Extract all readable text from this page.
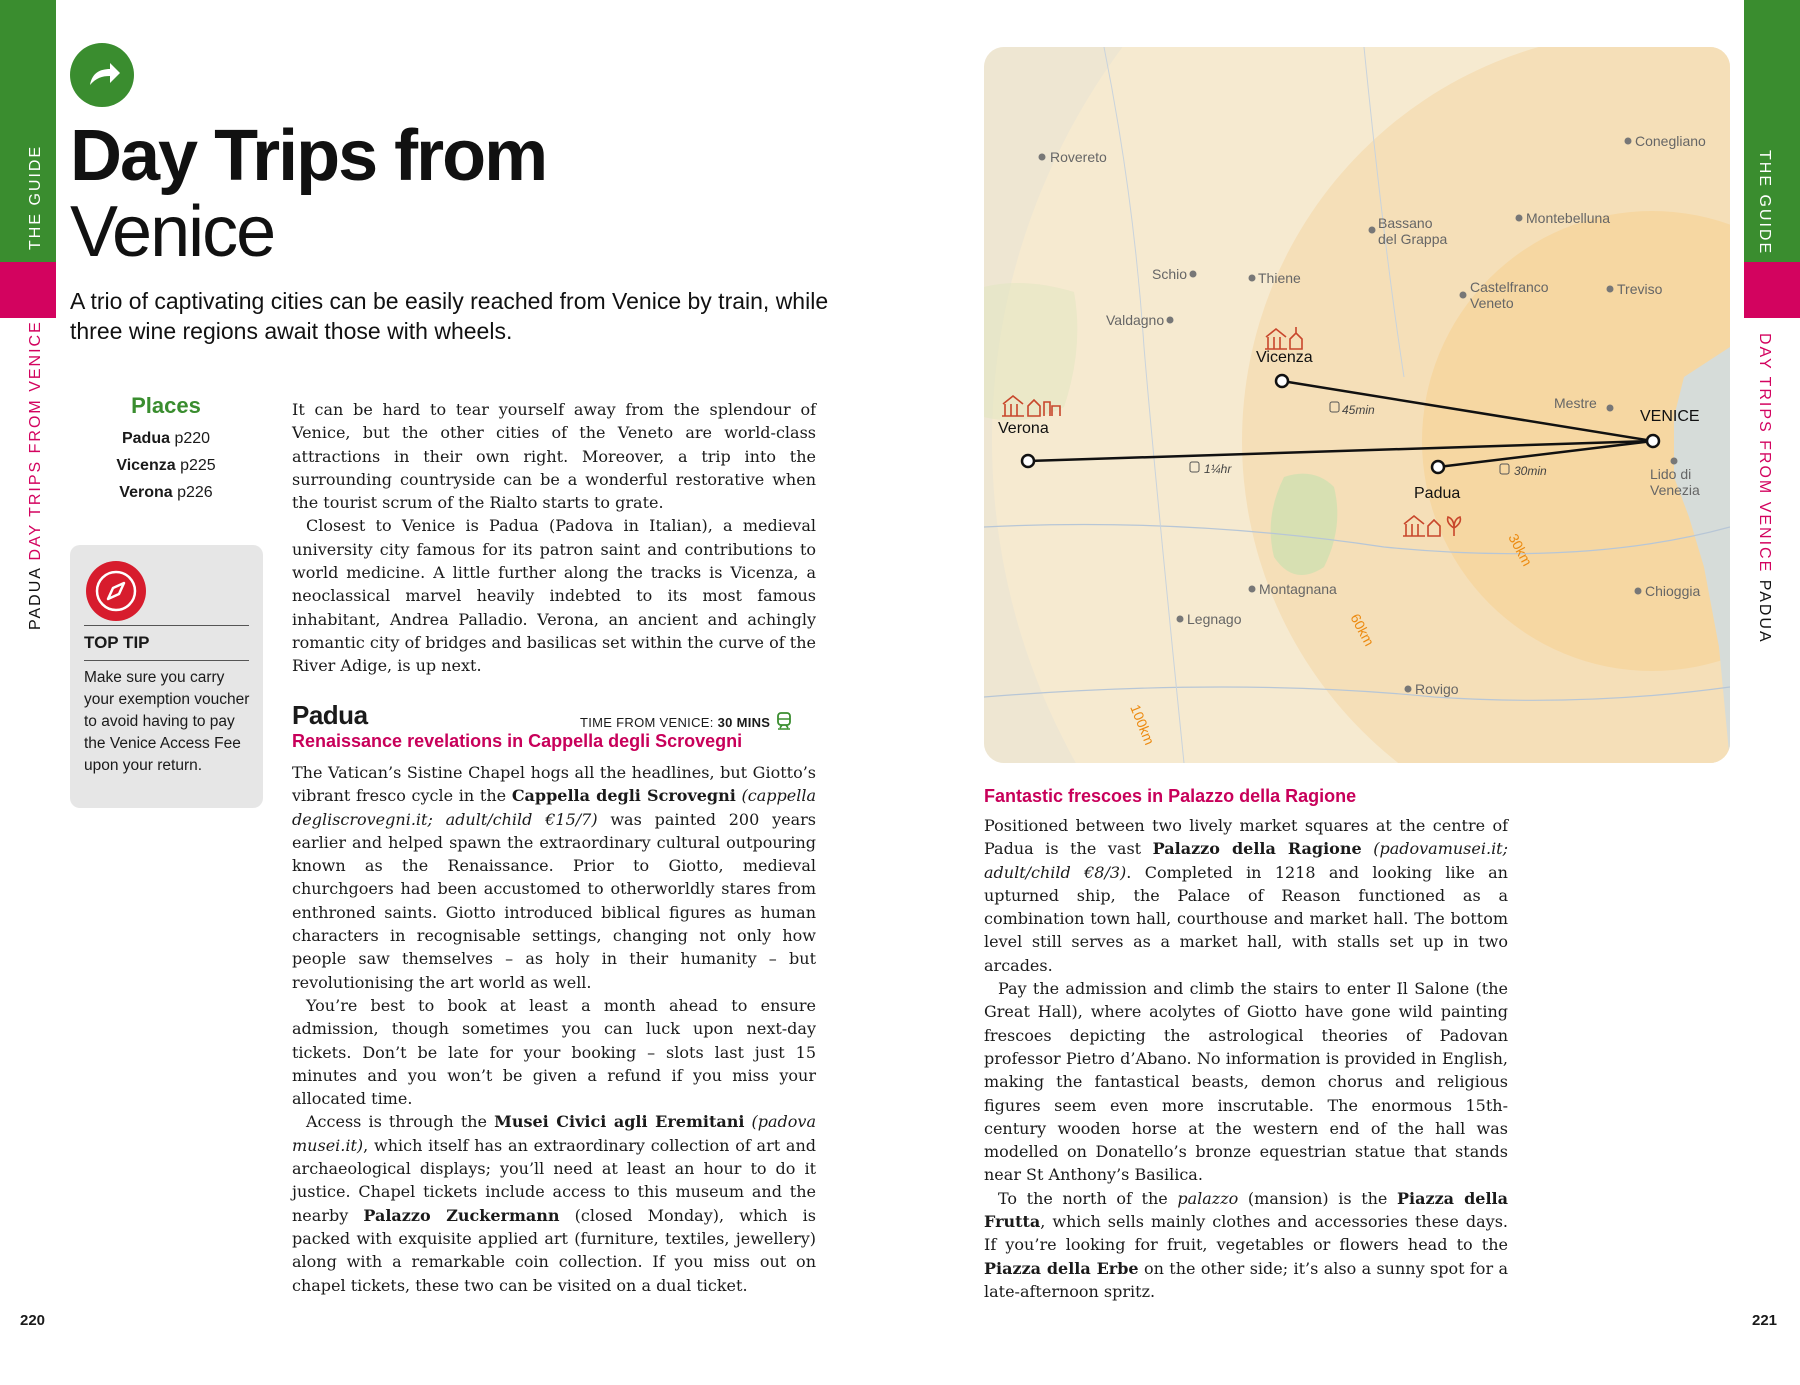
THE GUIDE
PADUA DAY TRIPS FROM VENICE
THE GUIDE
DAY TRIPS FROM VENICE PADUA
Day Trips from
Venice
A trio of captivating cities can be easily reached from Venice by train, while three wine regions await those with wheels.
Places
Padua p220
Vicenza p225
Verona p226
TOP TIP
Make sure you carry your exemption voucher to avoid having to pay the Venice Access Fee upon your return.

It can be hard to tear yourself away from the splendour of Venice, but the other cities of the Veneto are world-class attractions in their own right. Moreover, a trip into the surrounding countryside can be a wonderful restorative when the tourist scrum of the Rialto starts to grate.

Closest to Venice is Padua (Padova in Italian), a medieval university city famous for its patron saint and contributions to world medicine. A little further along the tracks is Vicenza, a neoclassical marvel heavily indebted to its most famous inhabitant, Andrea Palladio. Verona, an ancient and achingly romantic city of bridges and basilicas set within the curve of the River Adige, is up next.

Padua	TIME FROM VENICE: 30 MINS
Renaissance revelations in Cappella degli Scrovegni

The Vatican’s Sistine Chapel hogs all the headlines, but Giotto’s vibrant fresco cycle in the Cappella degli Scrovegni (cappella degliscrovegni.it; adult/child €15/7) was painted 200 years earlier and helped spawn the extraordinary cultural outpouring known as the Renaissance. Prior to Giotto, medieval churchgoers had been accustomed to otherworldly stares from enthroned saints. Giotto introduced biblical figures as human characters in recognisable settings, changing not only how people saw themselves – as holy in their humanity – but revolutionising the art world as well.

You’re best to book at least a month ahead to ensure admission, though sometimes you can luck upon next-day tickets. Don’t be late for your booking – slots last just 15 minutes and you won’t be given a refund if you miss your allocated time.

Access is through the Musei Civici agli Eremitani (padova musei.it), which itself has an extraordinary collection of art and archaeological displays; you’ll need at least an hour to do it justice. Chapel tickets include access to this museum and the nearby Palazzo Zuckermann (closed Monday), which is packed with exquisite applied art (furniture, textiles, jewellery) along with a remarkable coin collection. If you miss out on chapel tickets, these two can be visited on a dual ticket.

Vicenza
Verona
Padua
VENICE
45min
1¼hr	30min
30km
60km
100km
Rovereto
Conegliano
Bassano del Grappa
Montebelluna
Schio	Thiene
Castelfranco Veneto
Treviso
Valdagno
Mestre
Lido di Venezia
Montagnana
Legnago
Chioggia
Rovigo
Fantastic frescoes in Palazzo della Ragione

Positioned between two lively market squares at the centre of Padua is the vast Palazzo della Ragione (padovamusei.it; adult/child €8/3). Completed in 1218 and looking like an upturned ship, the Palace of Reason functioned as a combination town hall, courthouse and market hall. The bottom level still serves as a market hall, with stalls set up in two arcades.

Pay the admission and climb the stairs to enter Il Salone (the Great Hall), where acolytes of Giotto have gone wild painting frescoes depicting the astrological theories of Padovan professor Pietro d’Abano. No information is provided in English, making the fantastical beasts, demon chorus and religious figures seem even more inscrutable. The enormous 15th-century wooden horse at the western end of the hall was modelled on Donatello’s bronze equestrian statue that stands near St Anthony’s Basilica.

To the north of the palazzo (mansion) is the Piazza della Frutta, which sells mainly clothes and accessories these days. If you’re looking for fruit, vegetables or flowers head to the Piazza della Erbe on the other side; it’s also a sunny spot for a late-afternoon spritz.

220	221
